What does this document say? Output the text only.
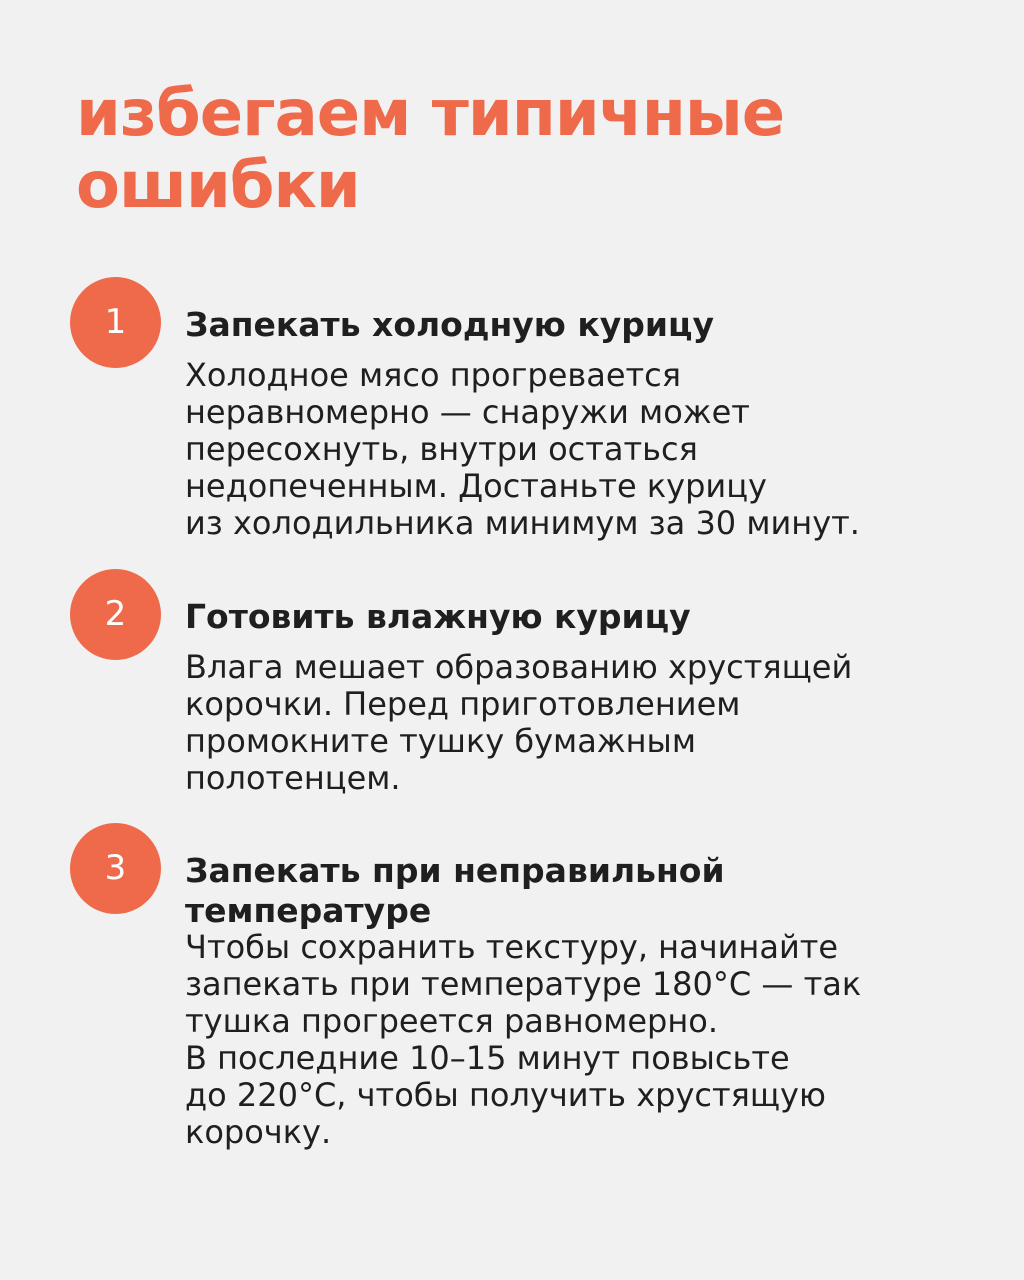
избегаем типичные
ошибки
1	Запекать холодную курицу

Холодное мясо прогревается
неравномерно — снаружи может
пересохнуть, внутри остаться
недопеченным. Достаньте курицу
из холодильника минимум за 30 минут.

2	Готовить влажную курицу

Влага мешает образованию хрустящей
корочки. Перед приготовлением
промокните тушку бумажным
полотенцем.

3	Запекать при неправильной
температуре

Чтобы сохранить текстуру, начинайте
запекать при температуре 180°C — так
тушка прогреется равномерно.
В последние 10–15 минут повысьте
до 220°C, чтобы получить хрустящую
корочку.
